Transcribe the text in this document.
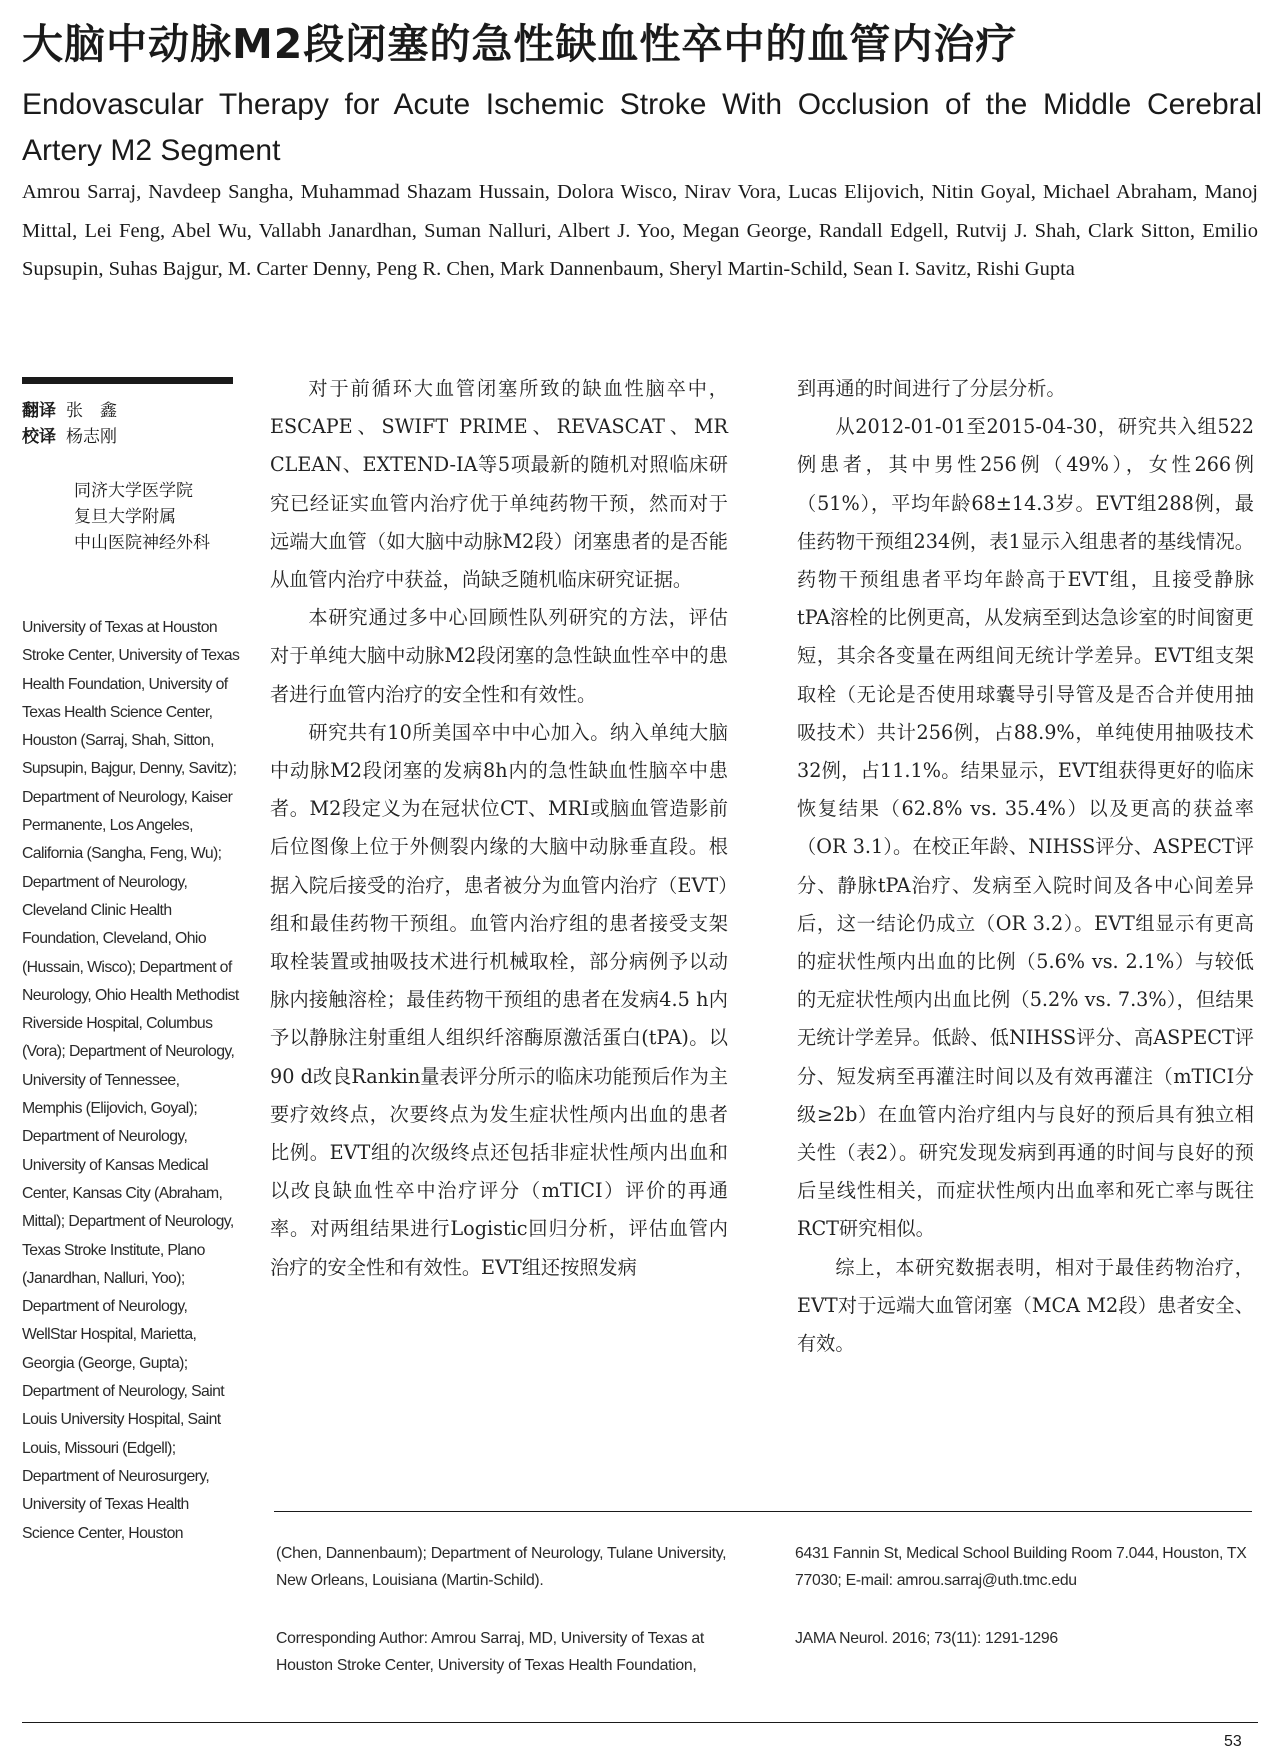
大脑中动脉M2段闭塞的急性缺血性卒中的血管内治疗
Endovascular Therapy for Acute Ischemic Stroke With Occlusion of the Middle Cerebral Artery M2 Segment
Amrou Sarraj, Navdeep Sangha, Muhammad Shazam Hussain, Dolora Wisco, Nirav Vora, Lucas Elijovich, Nitin Goyal, Michael Abraham, Manoj Mittal, Lei Feng, Abel Wu, Vallabh Janardhan, Suman Nalluri, Albert J. Yoo, Megan George, Randall Edgell, Rutvij J. Shah, Clark Sitton, Emilio Supsupin, Suhas Bajgur, M. Carter Denny, Peng R. Chen, Mark Dannenbaum, Sheryl Martin-Schild, Sean I. Savitz, Rishi Gupta
翻译 张　鑫
校译 杨志刚
同济大学医学院
复旦大学附属
中山医院神经外科
University of Texas at Houston Stroke Center, University of Texas Health Foundation, University of Texas Health Science Center, Houston (Sarraj, Shah, Sitton, Supsupin, Bajgur, Denny, Savitz); Department of Neurology, Kaiser Permanente, Los Angeles, California (Sangha, Feng, Wu); Department of Neurology, Cleveland Clinic Health Foundation, Cleveland, Ohio (Hussain, Wisco); Department of Neurology, Ohio Health Methodist Riverside Hospital, Columbus (Vora); Department of Neurology, University of Tennessee, Memphis (Elijovich, Goyal); Department of Neurology, University of Kansas Medical Center, Kansas City (Abraham, Mittal); Department of Neurology, Texas Stroke Institute, Plano (Janardhan, Nalluri, Yoo); Department of Neurology, WellStar Hospital, Marietta, Georgia (George, Gupta); Department of Neurology, Saint Louis University Hospital, Saint Louis, Missouri (Edgell); Department of Neurosurgery, University of Texas Health Science Center, Houston

对于前循环大血管闭塞所致的缺血性脑卒中，ESCAPE、SWIFT PRIME、REVASCAT、MR CLEAN、EXTEND-IA等5项最新的随机对照临床研究已经证实血管内治疗优于单纯药物干预，然而对于远端大血管（如大脑中动脉M2段）闭塞患者的是否能从血管内治疗中获益，尚缺乏随机临床研究证据。

本研究通过多中心回顾性队列研究的方法，评估对于单纯大脑中动脉M2段闭塞的急性缺血性卒中的患者进行血管内治疗的安全性和有效性。

研究共有10所美国卒中中心加入。纳入单纯大脑中动脉M2段闭塞的发病8h内的急性缺血性脑卒中患者。M2段定义为在冠状位CT、MRI或脑血管造影前后位图像上位于外侧裂内缘的大脑中动脉垂直段。根据入院后接受的治疗，患者被分为血管内治疗（EVT）组和最佳药物干预组。血管内治疗组的患者接受支架取栓装置或抽吸技术进行机械取栓，部分病例予以动脉内接触溶栓；最佳药物干预组的患者在发病4.5 h内予以静脉注射重组人组织纤溶酶原激活蛋白(tPA)。以90 d改良Rankin量表评分所示的临床功能预后作为主要疗效终点，次要终点为发生症状性颅内出血的患者比例。EVT组的次级终点还包括非症状性颅内出血和以改良缺血性卒中治疗评分（mTICI）评价的再通率。对两组结果进行Logistic回归分析，评估血管内治疗的安全性和有效性。EVT组还按照发病

到再通的时间进行了分层分析。

从2012-01-01至2015-04-30，研究共入组522例患者，其中男性256例（49%），女性266例（51%），平均年龄68±14.3岁。EVT组288例，最佳药物干预组234例，表1显示入组患者的基线情况。药物干预组患者平均年龄高于EVT组，且接受静脉tPA溶栓的比例更高，从发病至到达急诊室的时间窗更短，其余各变量在两组间无统计学差异。EVT组支架取栓（无论是否使用球囊导引导管及是否合并使用抽吸技术）共计256例，占88.9%，单纯使用抽吸技术32例，占11.1%。结果显示，EVT组获得更好的临床恢复结果（62.8% vs. 35.4%）以及更高的获益率（OR 3.1）。在校正年龄、NIHSS评分、ASPECT评分、静脉tPA治疗、发病至入院时间及各中心间差异后，这一结论仍成立（OR 3.2）。EVT组显示有更高的症状性颅内出血的比例（5.6% vs. 2.1%）与较低的无症状性颅内出血比例（5.2% vs. 7.3%），但结果无统计学差异。低龄、低NIHSS评分、高ASPECT评分、短发病至再灌注时间以及有效再灌注（mTICI分级≥2b）在血管内治疗组内与良好的预后具有独立相关性（表2）。研究发现发病到再通的时间与良好的预后呈线性相关，而症状性颅内出血率和死亡率与既往RCT研究相似。

综上，本研究数据表明，相对于最佳药物治疗，EVT对于远端大血管闭塞（MCA M2段）患者安全、有效。

(Chen, Dannenbaum); Department of Neurology, Tulane University, New Orleans, Louisiana (Martin-Schild).
Corresponding Author: Amrou Sarraj, MD, University of Texas at Houston Stroke Center, University of Texas Health Foundation,
6431 Fannin St, Medical School Building Room 7.044, Houston, TX 77030; E-mail: amrou.sarraj@uth.tmc.edu
JAMA Neurol. 2016; 73(11): 1291-1296
53
